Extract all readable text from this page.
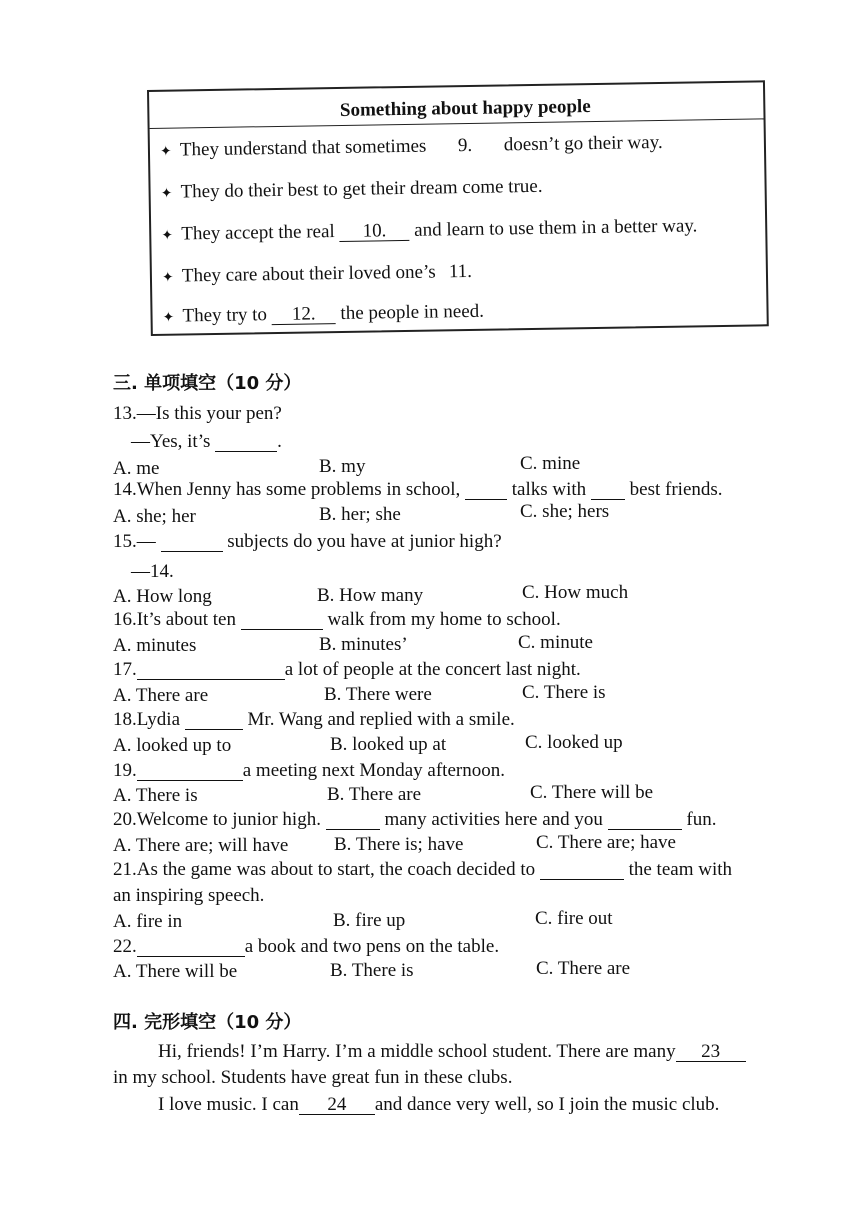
Something about happy people
✦ They understand that sometimes 9. doesn’t go their way.
✦ They do their best to get their dream come true.
✦ They accept the real 10. and learn to use them in a better way.
✦ They care about their loved one’s 11.
✦ They try to 12. the people in need.
三. 单项填空（10 分）
13.—Is this your pen?
—Yes, it’s	.
A. me	B. my	C. mine
14.When Jenny has some problems in school,	talks with best friends.
A. she; her	B. her; she	C. she; hers
15.—	subjects do you have at junior high?
—14.
A. How long	B. How many	C. How much
16.It’s about ten	walk from my home to school.
A. minutes	B. minutes’	C. minute
17.	a lot of people at the concert last night.
A. There are	B. There were	C. There is
18.Lydia	Mr. Wang and replied with a smile.
A. looked up to	B. looked up at	C. looked up
19.	a meeting next Monday afternoon.
A. There is	B. There are	C. There will be
20.Welcome to junior high.	many activities here and you	fun.
A. There are; will have B. There is; have	C. There are; have
21.As the game was about to start, the coach decided to	the team with
an inspiring speech.
A. fire in	B. fire up	C. fire out
22.	a book and two pens on the table.
A. There will be	B. There is	C. There are
四. 完形填空（10 分）
Hi, friends! I’m Harry. I’m a middle school student. There are many 23
in my school. Students have great fun in these clubs.
I love music. I can 24 and dance very well, so I join the music club.
